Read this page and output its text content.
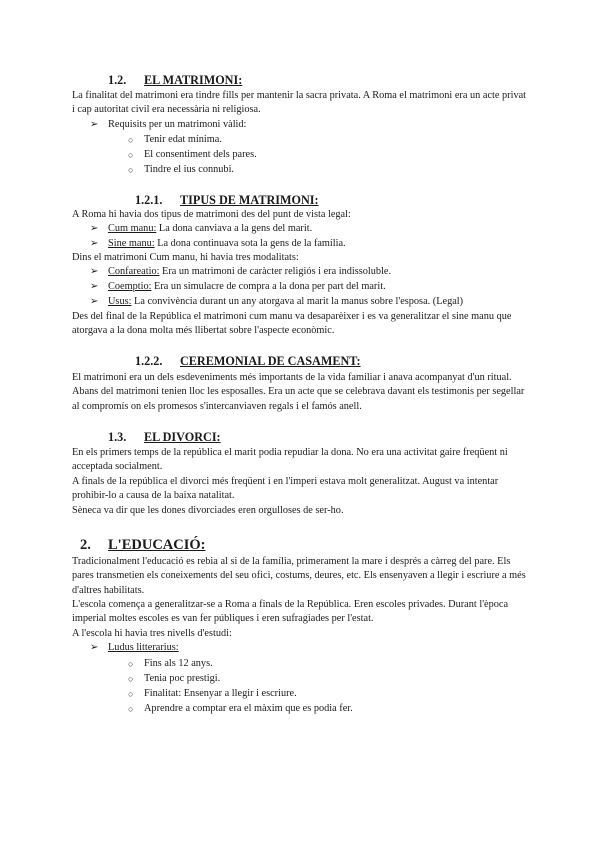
1.2. EL MATRIMONI:

La finalitat del matrimoni era tindre fills per mantenir la sacra privata. A Roma el matrimoni era un acte privat i cap autoritat civil era necessària ni religiosa.

➢ Requisits per un matrimoni vàlid:
○ Tenir edat mínima.
○ El consentiment dels pares.
○ Tindre el ius connubi.
1.2.1. TIPUS DE MATRIMONI:

A Roma hi havia dos tipus de matrimoni des del punt de vista legal:

➢ Cum manu: La dona canviava a la gens del marit.
➢ Sine manu: La dona continuava sota la gens de la família.

Dins el matrimoni Cum manu, hi havia tres modalitats:

➢ Confareatio: Era un matrimoni de caràcter religiós i era indissoluble.
➢ Coemptio: Era un simulacre de compra a la dona per part del marit.
➢ Usus: La convivència durant un any atorgava al marit la manus sobre l'esposa. (Legal)

Des del final de la República el matrimoni cum manu va desaparèixer i es va generalitzar el sine manu que atorgava a la dona molta més llibertat sobre l'aspecte econòmic.

1.2.2. CEREMONIAL DE CASAMENT:

El matrimoni era un dels esdeveniments més importants de la vida familiar i anava acompanyat d'un ritual. Abans del matrimoni tenien lloc les esposalles. Era un acte que se celebrava davant els testimonis per segellar al compromís on els promesos s'intercanviaven regals i el famós anell.

1.3. EL DIVORCI:

En els primers temps de la república el marit podia repudiar la dona. No era una activitat gaire freqüent ni acceptada socialment.

A finals de la república el divorci més freqüent i en l'imperi estava molt generalitzat. August va intentar prohibir-lo a causa de la baixa natalitat.

Sèneca va dir que les dones divorciades eren orgulloses de ser-ho.

2. L'EDUCACIÓ:

Tradicionalment l'educació es rebia al si de la família, primerament la mare i després a càrreg del pare. Els pares transmetien els coneixements del seu ofici, costums, deures, etc. Els ensenyaven a llegir i escriure a més d'altres habilitats.

L'escola comença a generalitzar-se a Roma a finals de la República. Eren escoles privades. Durant l'època imperial moltes escoles es van fer públiques i eren sufragiades per l'estat.

A l'escola hi havia tres nivells d'estudi:

➢ Ludus litterarius:
○ Fins als 12 anys.
○ Tenia poc prestigi.
○ Finalitat: Ensenyar a llegir i escriure.
○ Aprendre a comptar era el màxim que es podia fer.
